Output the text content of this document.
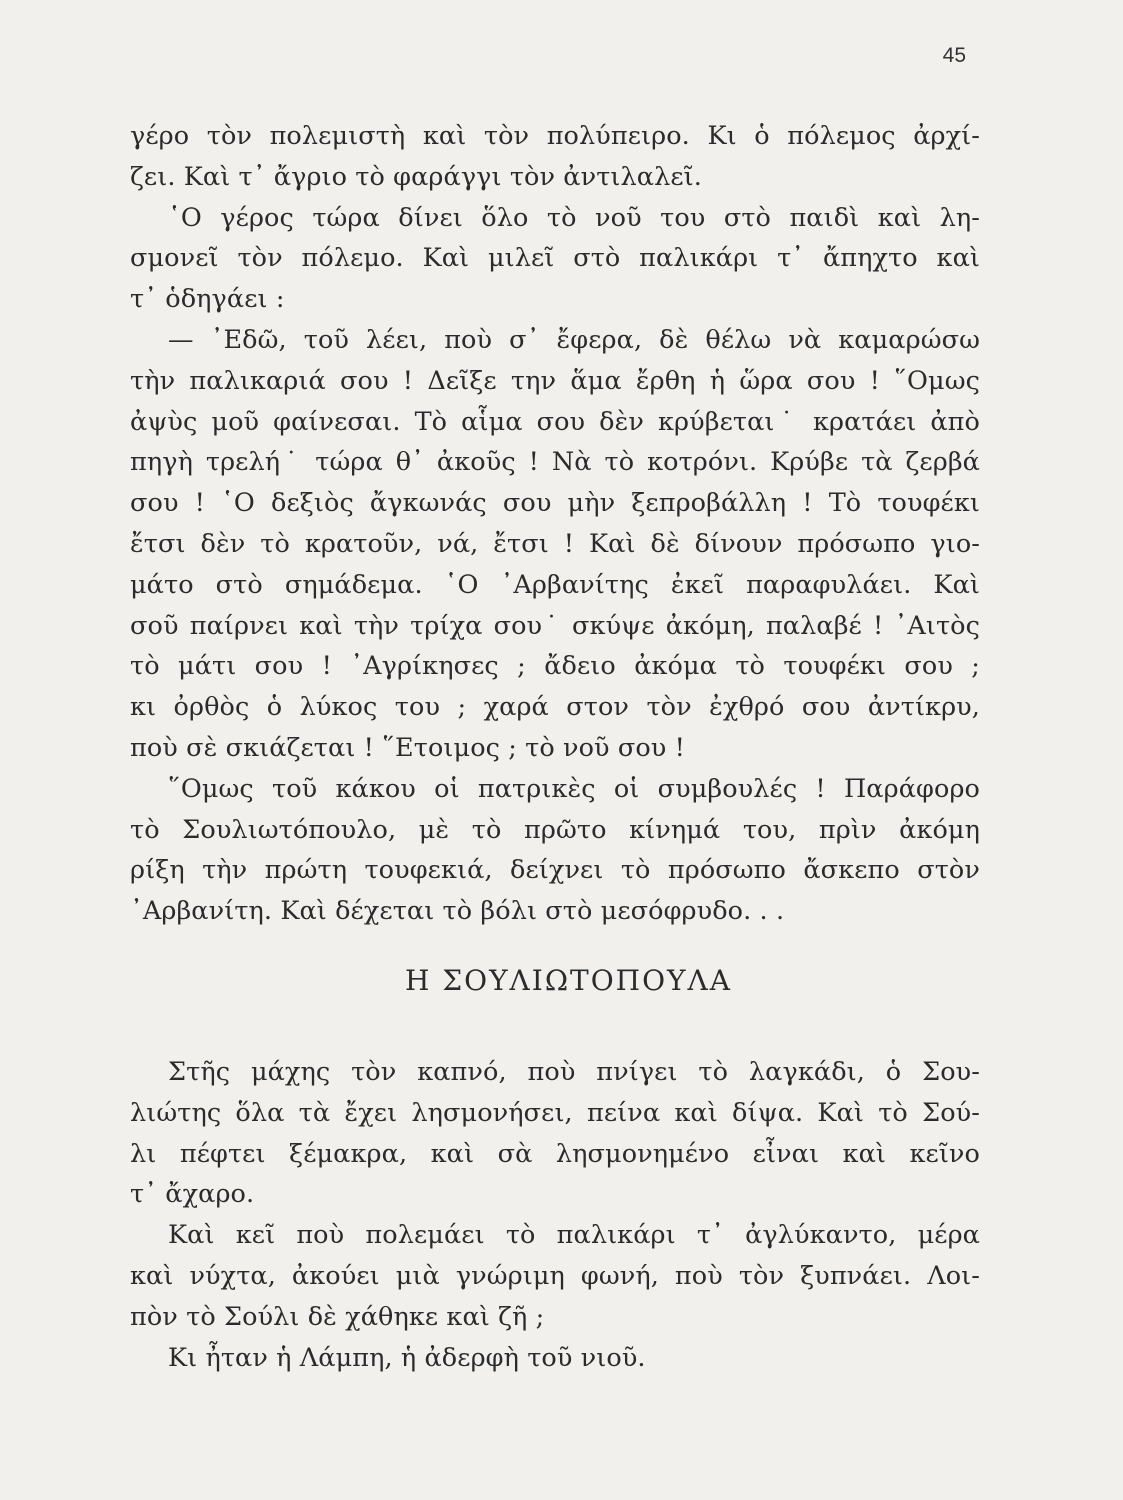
45
γέρο τὸν πολεμιστὴ καὶ τὸν πολύπειρο. Κι ὁ πόλεμος ἀρχί-
ζει. Καὶ τ᾽ ἄγριο τὸ φαράγγι τὸν ἀντιλαλεῖ.
῾Ο γέρος τώρα δίνει ὅλο τὸ νοῦ του στὸ παιδὶ καὶ λη-
σμονεῖ τὸν πόλεμο. Καὶ μιλεῖ στὸ παλικάρι τ᾽ ἄπηχτο καὶ
τ᾽ ὁδηγάει :
— ᾽Εδῶ, τοῦ λέει, ποὺ σ᾽ ἔφερα, δὲ θέλω νὰ καμαρώσω
τὴν παλικαριά σου ! Δεῖξε την ἅμα ἔρθη ἡ ὥρα σου ! ῞Ομως
ἀψὺς μοῦ φαίνεσαι. Τὸ αἷμα σου δὲν κρύβεται˙ κρατάει ἀπὸ
πηγὴ τρελή˙ τώρα θ᾽ ἀκοῦς ! Νὰ τὸ κοτρόνι. Κρύβε τὰ ζερβά
σου ! ῾Ο δεξιὸς ἄγκωνάς σου μὴν ξεπροβάλλη ! Τὸ τουφέκι
ἔτσι δὲν τὸ κρατοῦν, νά, ἔτσι ! Καὶ δὲ δίνουν πρόσωπο γιο-
μάτο στὸ σημάδεμα. ῾Ο ᾽Αρβανίτης ἐκεῖ παραφυλάει. Καὶ
σοῦ παίρνει καὶ τὴν τρίχα σου˙ σκύψε ἀκόμη, παλαβέ ! ᾽Αιτὸς
τὸ μάτι σου ! ᾽Αγρίκησες ; ἄδειο ἀκόμα τὸ τουφέκι σου ;
κι ὀρθὸς ὁ λύκος του ; χαρά στον τὸν ἐχθρό σου ἀντίκρυ,
ποὺ σὲ σκιάζεται ! ῞Ετοιμος ; τὸ νοῦ σου !
῞Ομως τοῦ κάκου οἱ πατρικὲς οἱ συμβουλές ! Παράφορο
τὸ Σουλιωτόπουλο, μὲ τὸ πρῶτο κίνημά του, πρὶν ἀκόμη
ρίξη τὴν πρώτη τουφεκιά, δείχνει τὸ πρόσωπο ἄσκεπο στὸν
᾽Αρβανίτη. Καὶ δέχεται τὸ βόλι στὸ μεσόφρυδο. . .
Η ΣΟΥΛΙΩΤΟΠΟΥΛΑ
Στῆς μάχης τὸν καπνό, ποὺ πνίγει τὸ λαγκάδι, ὁ Σου-
λιώτης ὅλα τὰ ἔχει λησμονήσει, πείνα καὶ δίψα. Καὶ τὸ Σού-
λι πέφτει ξέμακρα, καὶ σὰ λησμονημένο εἶναι καὶ κεῖνο
τ᾽ ἄχαρο.
Καὶ κεῖ ποὺ πολεμάει τὸ παλικάρι τ᾽ ἀγλύκαντο, μέρα
καὶ νύχτα, ἀκούει μιὰ γνώριμη φωνή, ποὺ τὸν ξυπνάει. Λοι-
πὸν τὸ Σούλι δὲ χάθηκε καὶ ζῆ ;
Κι ἦταν ἡ Λάμπη, ἡ ἀδερφὴ τοῦ νιοῦ.
